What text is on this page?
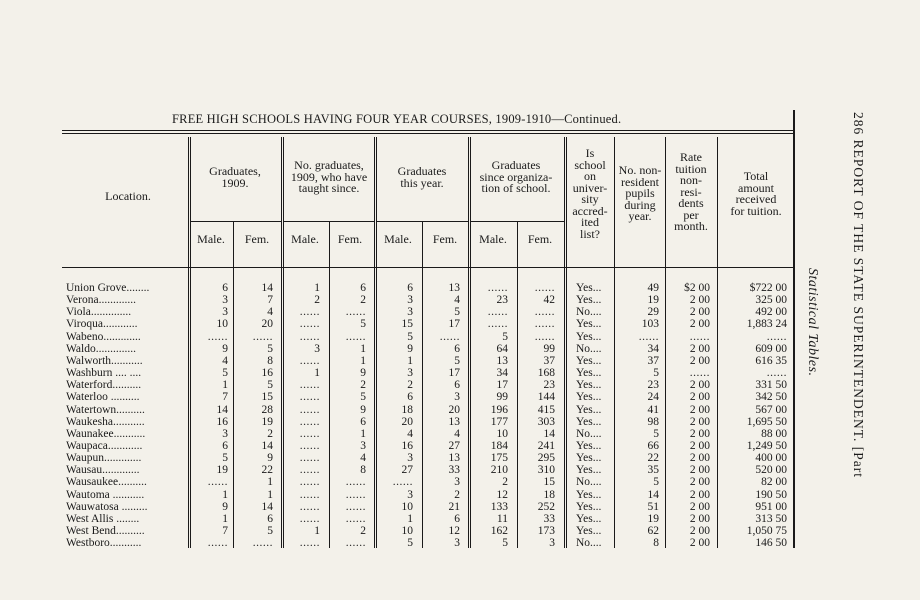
FREE HIGH SCHOOLS HAVING FOUR YEAR COURSES, 1909-1910—Continued.
Location.
Graduates,
1909.
No. graduates,
1909, who have
taught since.
Graduates
this year.
Graduates
since organiza-
tion of school.
Is
school
on
univer-
sity
accred-
ited
list?
No. non-
resident
pupils
during
year.
Rate
tuition
non-
resi-
dents
per
month.
Total
amount
received
for tuition.
Male. Fem. Male. Fem. Male. Fem. Male. Fem.
Union Grove........	6	14	1	6	6	13 ...... ...... Yes...	49 $2 00	$722 00
Verona.............	3	7	2	2	3	4	23	42 Yes...	19	2 00	325 00
Viola..............	3	4 ...... ......	3	5 ...... ...... No....	29	2 00	492 00
Viroqua............	10	20 ......	5	15	17 ...... ...... Yes...	103	2 00	1,883 24
Wabeno.............	...... ...... ...... ......	5 ......	5 ...... Yes...	......	......	......
Waldo..............	9	5	3	1	9	6	64	99 No....	34	2 00	609 00
Walworth...........	4	8 ......	1	1	5	13	37 Yes...	37	2 00	616 35
Washburn .... ....	5	16	1	9	3	17	34	168 Yes...	5	......	......
Waterford..........	1	5 ......	2	2	6	17	23 Yes...	23	2 00	331 50
Waterloo ..........	7	15 ......	5	6	3	99	144 Yes...	24	2 00	342 50
Watertown..........	14	28 ......	9	18	20	196	415 Yes...	41	2 00	567 00
Waukesha...........	16	19 ......	6	20	13	177	303 Yes...	98	2 00	1,695 50
Waunakee...........	3	2 ......	1	4	4	10	14 No....	5	2 00	88 00
Waupaca............	6	14 ......	3	16	27	184	241 Yes...	66	2 00	1,249 50
Waupun.............	5	9 ......	4	3	13	175	295 Yes...	22	2 00	400 00
Wausau.............	19	22 ......	8	27	33	210	310 Yes...	35	2 00	520 00
Wausaukee..........	......	1 ...... ...... ......	3	2	15 No....	5	2 00	82 00
Wautoma ...........	1	1 ...... ......	3	2	12	18 Yes...	14	2 00	190 50
Wauwatosa .........	9	14 ...... ......	10	21	133	252 Yes...	51	2 00	951 00
West Allis ........	1	6 ...... ......	1	6	11	33 Yes...	19	2 00	313 50
West Bend..........	7	5	1	2	10	12	162	173 Yes...	62	2 00	1,050 75
Westboro...........	...... ...... ...... ......	5	3	5	3 No....	8	2 00	146 50
286 REPORT OF THE STATE SUPERINTENDENT. [Part
Statistical Tables.
